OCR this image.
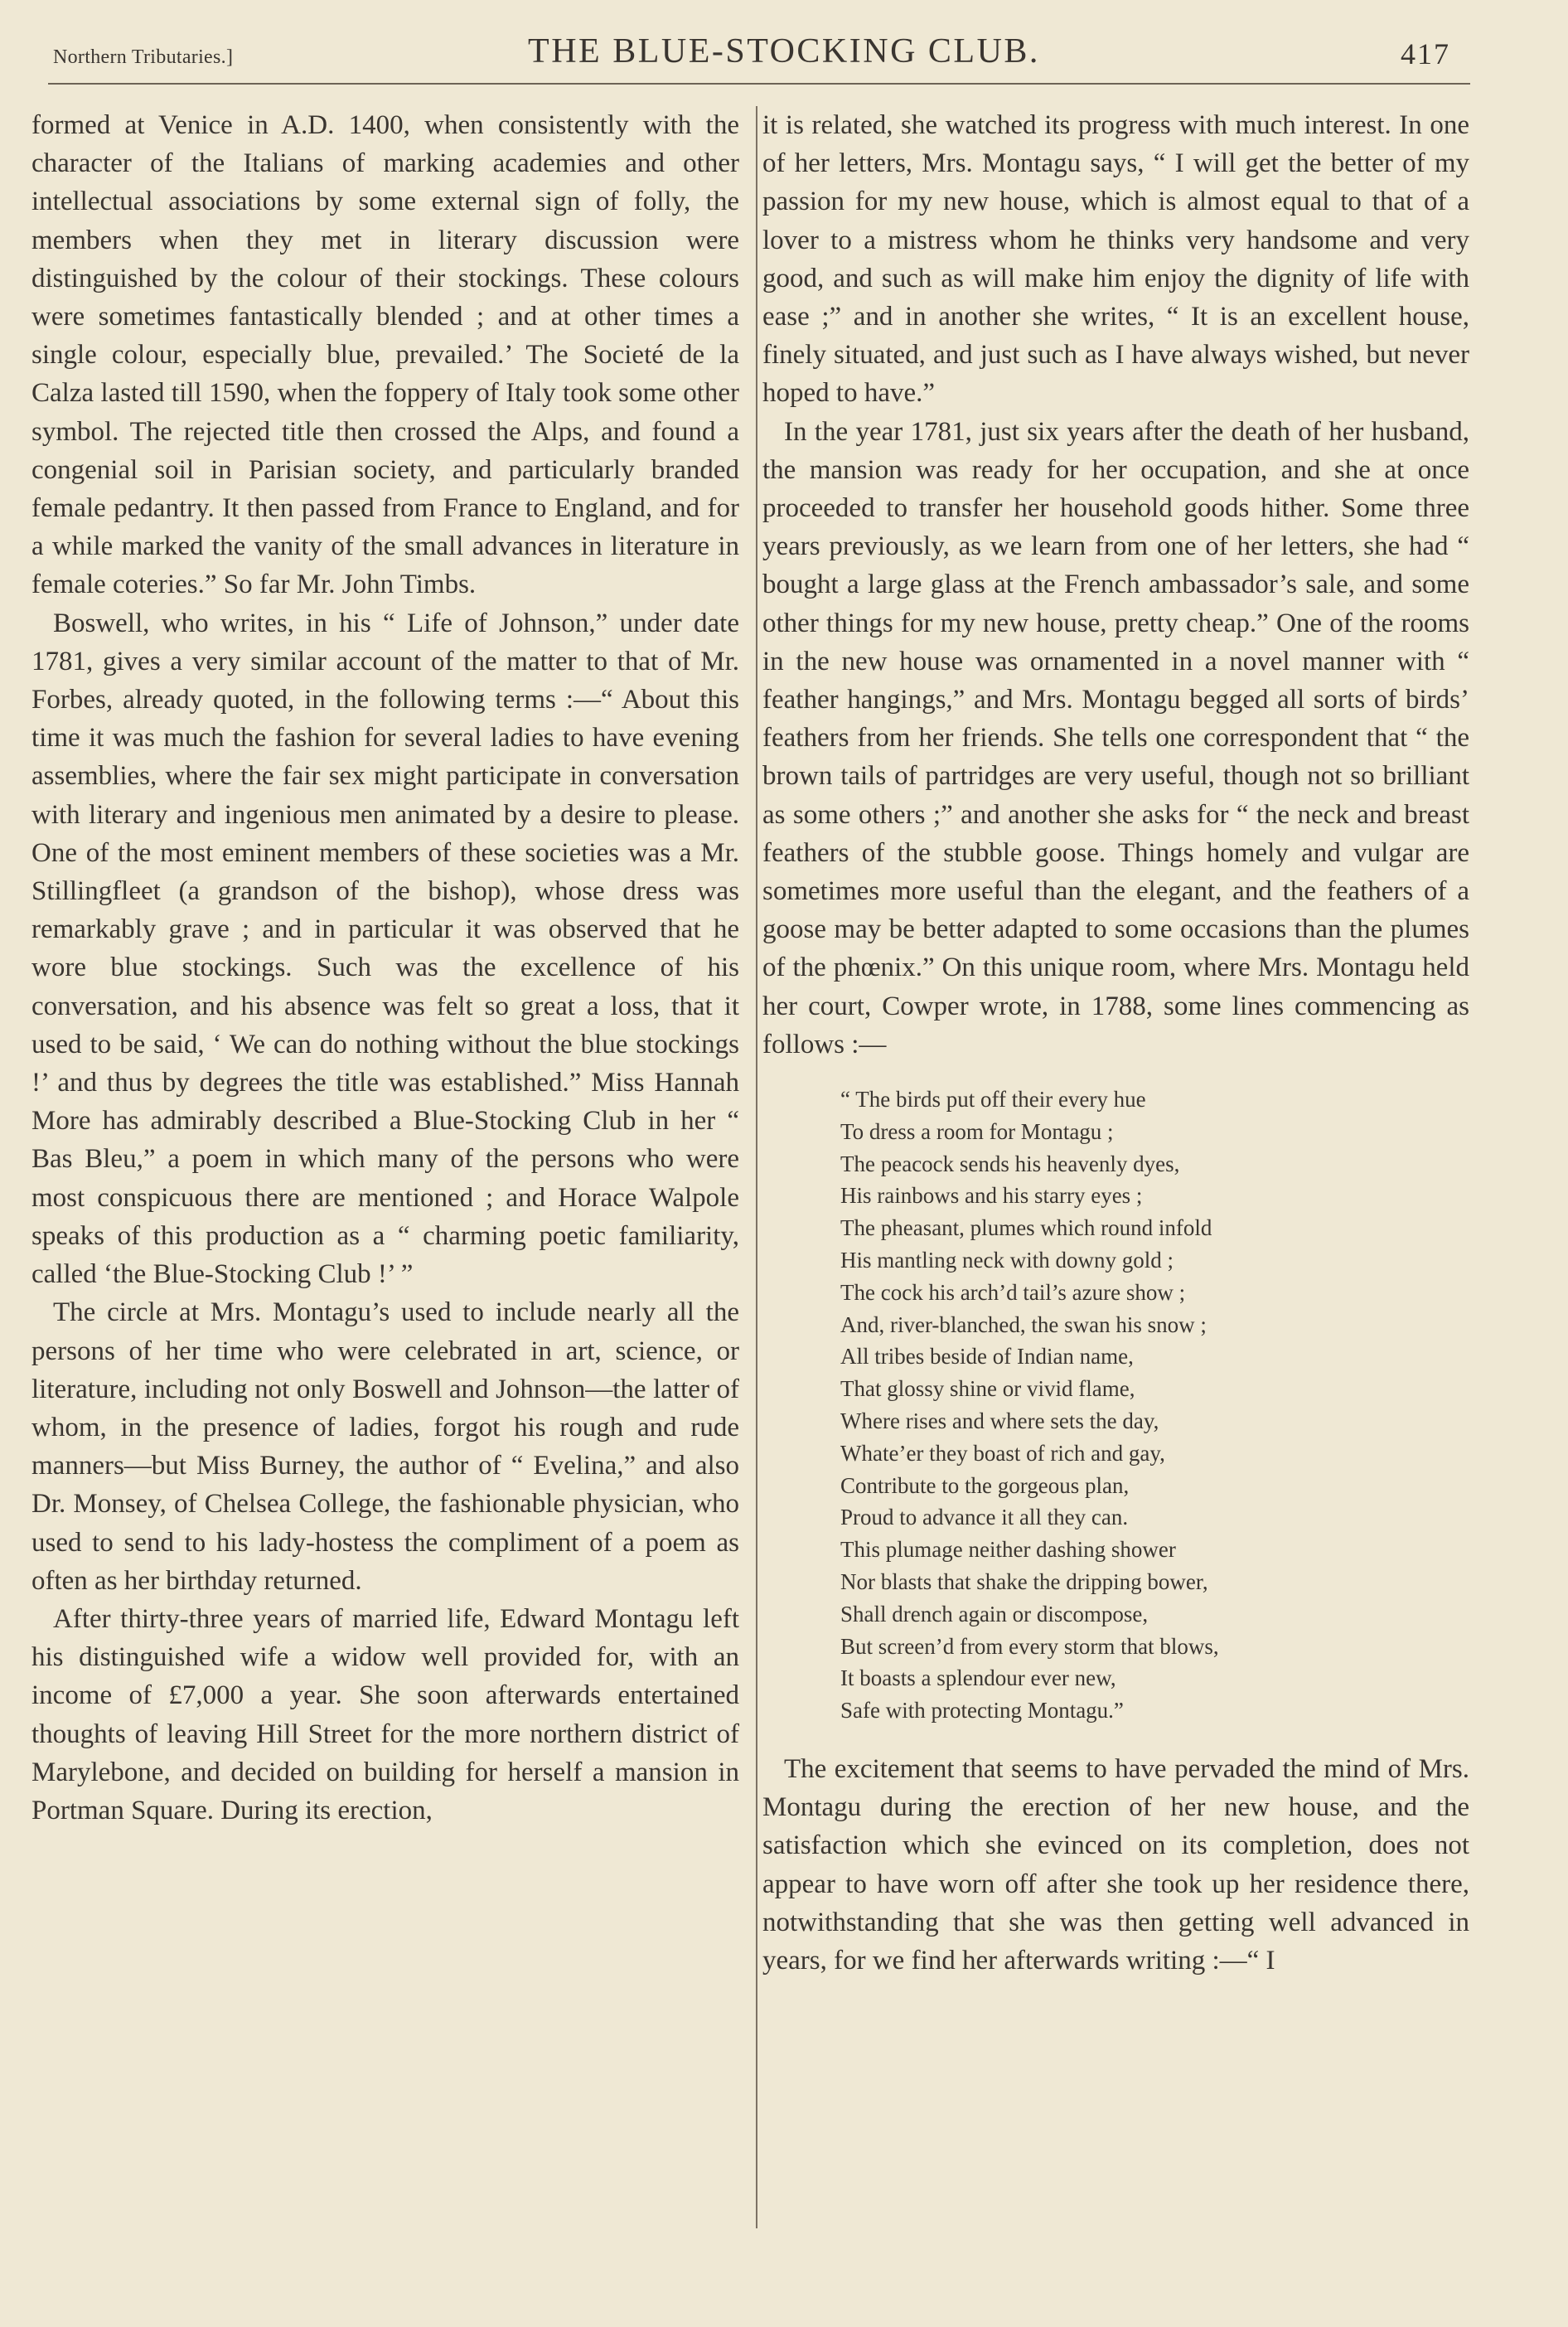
Northern Tributaries.]	THE BLUE-STOCKING CLUB.	417

formed at Venice in A.D. 1400, when consistently with the character of the Italians of marking academies and other intellectual associations by some external sign of folly, the members when they met in literary discussion were distinguished by the colour of their stockings. These colours were sometimes fantastically blended ; and at other times a single colour, especially blue, prevailed.’ The Societé de la Calza lasted till 1590, when the foppery of Italy took some other symbol. The rejected title then crossed the Alps, and found a congenial soil in Parisian society, and particularly branded female pedantry. It then passed from France to England, and for a while marked the vanity of the small advances in literature in female coteries.” So far Mr. John Timbs.

Boswell, who writes, in his “ Life of Johnson,” under date 1781, gives a very similar account of the matter to that of Mr. Forbes, already quoted, in the following terms :—“ About this time it was much the fashion for several ladies to have evening assemblies, where the fair sex might participate in conversation with literary and ingenious men animated by a desire to please. One of the most eminent members of these societies was a Mr. Stillingfleet (a grandson of the bishop), whose dress was remarkably grave ; and in particular it was observed that he wore blue stockings. Such was the excellence of his conversation, and his absence was felt so great a loss, that it used to be said, ‘ We can do nothing without the blue stockings !’ and thus by degrees the title was established.” Miss Hannah More has admirably described a Blue-Stocking Club in her “ Bas Bleu,” a poem in which many of the persons who were most conspicuous there are mentioned ; and Horace Walpole speaks of this production as a “ charming poetic familiarity, called ‘the Blue-Stocking Club !’ ”

The circle at Mrs. Montagu’s used to include nearly all the persons of her time who were celebrated in art, science, or literature, including not only Boswell and Johnson—the latter of whom, in the presence of ladies, forgot his rough and rude manners—but Miss Burney, the author of “ Evelina,” and also Dr. Monsey, of Chelsea College, the fashionable physician, who used to send to his lady-hostess the compliment of a poem as often as her birthday returned.

After thirty-three years of married life, Edward Montagu left his distinguished wife a widow well provided for, with an income of £7,000 a year. She soon afterwards entertained thoughts of leaving Hill Street for the more northern district of Marylebone, and decided on building for herself a mansion in Portman Square. During its erection,

it is related, she watched its progress with much interest. In one of her letters, Mrs. Montagu says, “ I will get the better of my passion for my new house, which is almost equal to that of a lover to a mistress whom he thinks very handsome and very good, and such as will make him enjoy the dignity of life with ease ;” and in another she writes, “ It is an excellent house, finely situated, and just such as I have always wished, but never hoped to have.”

In the year 1781, just six years after the death of her husband, the mansion was ready for her occupation, and she at once proceeded to transfer her household goods hither. Some three years previously, as we learn from one of her letters, she had “ bought a large glass at the French ambassador’s sale, and some other things for my new house, pretty cheap.” One of the rooms in the new house was ornamented in a novel manner with “ feather hangings,” and Mrs. Montagu begged all sorts of birds’ feathers from her friends. She tells one correspondent that “ the brown tails of partridges are very useful, though not so brilliant as some others ;” and another she asks for “ the neck and breast feathers of the stubble goose. Things homely and vulgar are sometimes more useful than the elegant, and the feathers of a goose may be better adapted to some occasions than the plumes of the phœnix.” On this unique room, where Mrs. Montagu held her court, Cowper wrote, in 1788, some lines commencing as follows :—

“ The birds put off their every hue
To dress a room for Montagu ;
The peacock sends his heavenly dyes,
His rainbows and his starry eyes ;
The pheasant, plumes which round infold
His mantling neck with downy gold ;
The cock his arch’d tail’s azure show ;
And, river-blanched, the swan his snow ;
All tribes beside of Indian name,
That glossy shine or vivid flame,
Where rises and where sets the day,
Whate’er they boast of rich and gay,
Contribute to the gorgeous plan,
Proud to advance it all they can.
This plumage neither dashing shower
Nor blasts that shake the dripping bower,
Shall drench again or discompose,
But screen’d from every storm that blows,
It boasts a splendour ever new,
Safe with protecting Montagu.”

The excitement that seems to have pervaded the mind of Mrs. Montagu during the erection of her new house, and the satisfaction which she evinced on its completion, does not appear to have worn off after she took up her residence there, notwithstanding that she was then getting well advanced in years, for we find her afterwards writing :—“ I
